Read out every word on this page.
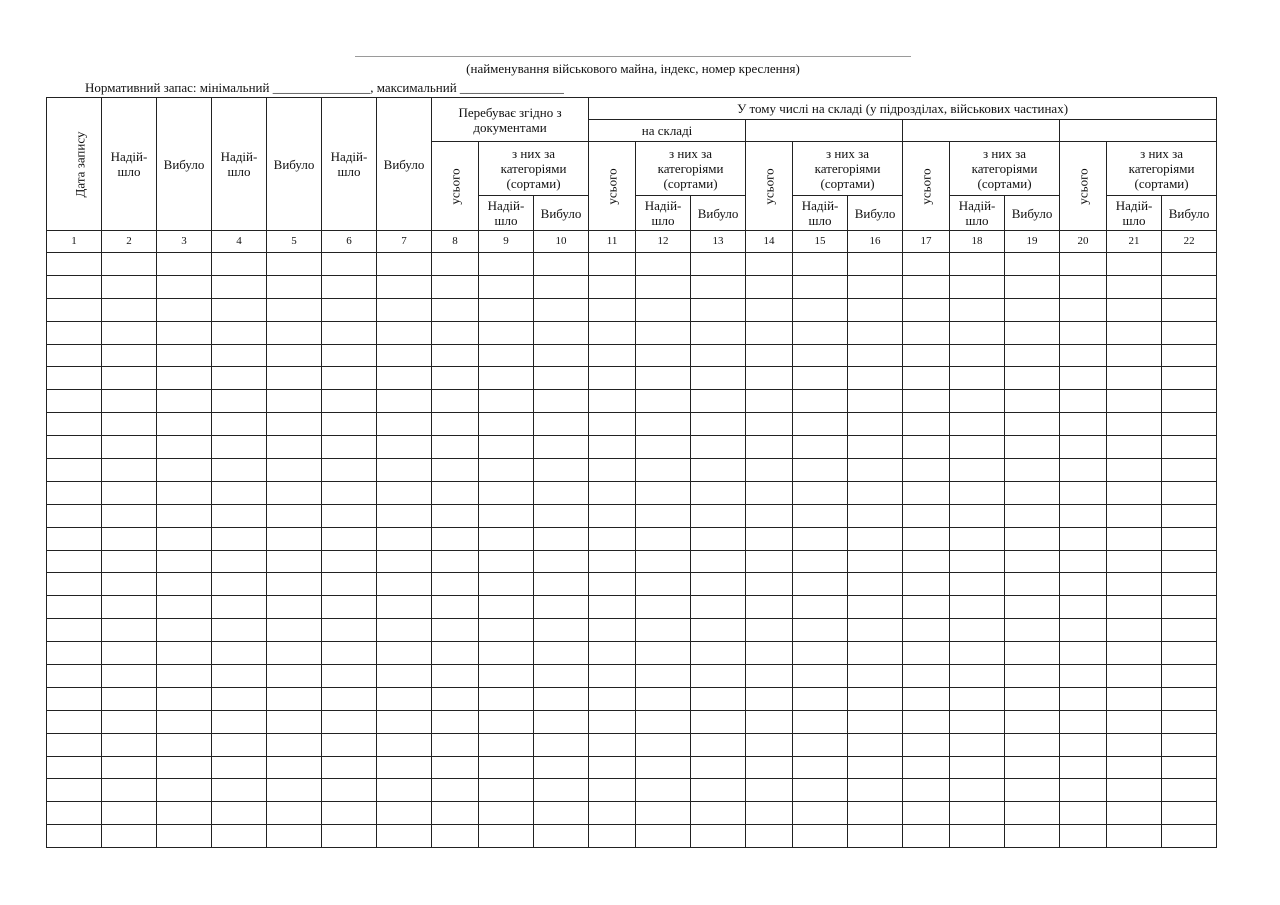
(найменування військового майна, індекс, номер креслення)
Нормативний запас: мінімальний _______________, максимальний ________________
Дата запису	Надій-шло	Вибуло	Надій-шло	Вибуло	Надій-шло	Вибуло	Перебуває згідно з документами			У тому числі на складі (у підрозділах, військових частинах)											
										на складі											
							усього	з них за категоріями (сортами)		усього	з них за категоріями (сортами)		усього	з них за категоріями (сортами)		усього	з них за категоріями (сортами)		усього	з них за категоріями (сортами)	
								Надій-шло	Вибуло		Надій-шло	Вибуло		Надій-шло	Вибуло		Надій-шло	Вибуло		Надій-шло	Вибуло
1	2	3	4	5	6	7	8	9	10	11	12	13	14	15	16	17	18	19	20	21	22
